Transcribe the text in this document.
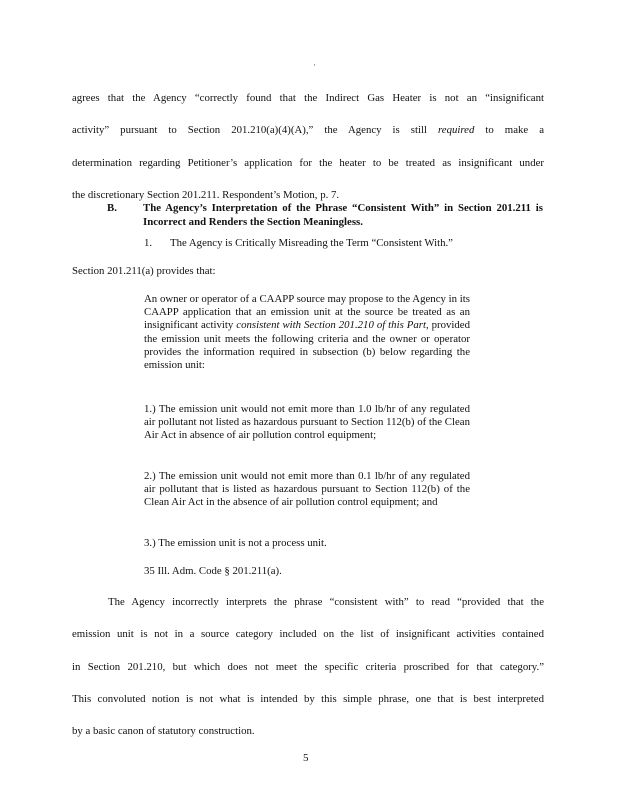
·
agrees that the Agency “correctly found that the Indirect Gas Heater is not an “insignificant
activity” pursuant to Section 201.210(a)(4)(A),” the Agency is still required to make a
determination regarding Petitioner’s application for the heater to be treated as insignificant under
the discretionary Section 201.211. Respondent’s Motion, p. 7.
B. The Agency’s Interpretation of the Phrase “Consistent With” in Section 201.211 is Incorrect and Renders the Section Meaningless.
1. The Agency is Critically Misreading the Term “Consistent With.”
Section 201.211(a) provides that:
An owner or operator of a CAAPP source may propose to the Agency in its CAAPP application that an emission unit at the source be treated as an insignificant activity consistent with Section 201.210 of this Part, provided the emission unit meets the following criteria and the owner or operator provides the information required in subsection (b) below regarding the emission unit:
1.) The emission unit would not emit more than 1.0 lb/hr of any regulated air pollutant not listed as hazardous pursuant to Section 112(b) of the Clean Air Act in absence of air pollution control equipment;
2.) The emission unit would not emit more than 0.1 lb/hr of any regulated air pollutant that is listed as hazardous pursuant to Section 112(b) of the Clean Air Act in the absence of air pollution control equipment; and
3.) The emission unit is not a process unit.
35 Ill. Adm. Code § 201.211(a).
The Agency incorrectly interprets the phrase “consistent with” to read “provided that the
emission unit is not in a source category included on the list of insignificant activities contained
in Section 201.210, but which does not meet the specific criteria proscribed for that category.”
This convoluted notion is not what is intended by this simple phrase, one that is best interpreted
by a basic canon of statutory construction.
5
